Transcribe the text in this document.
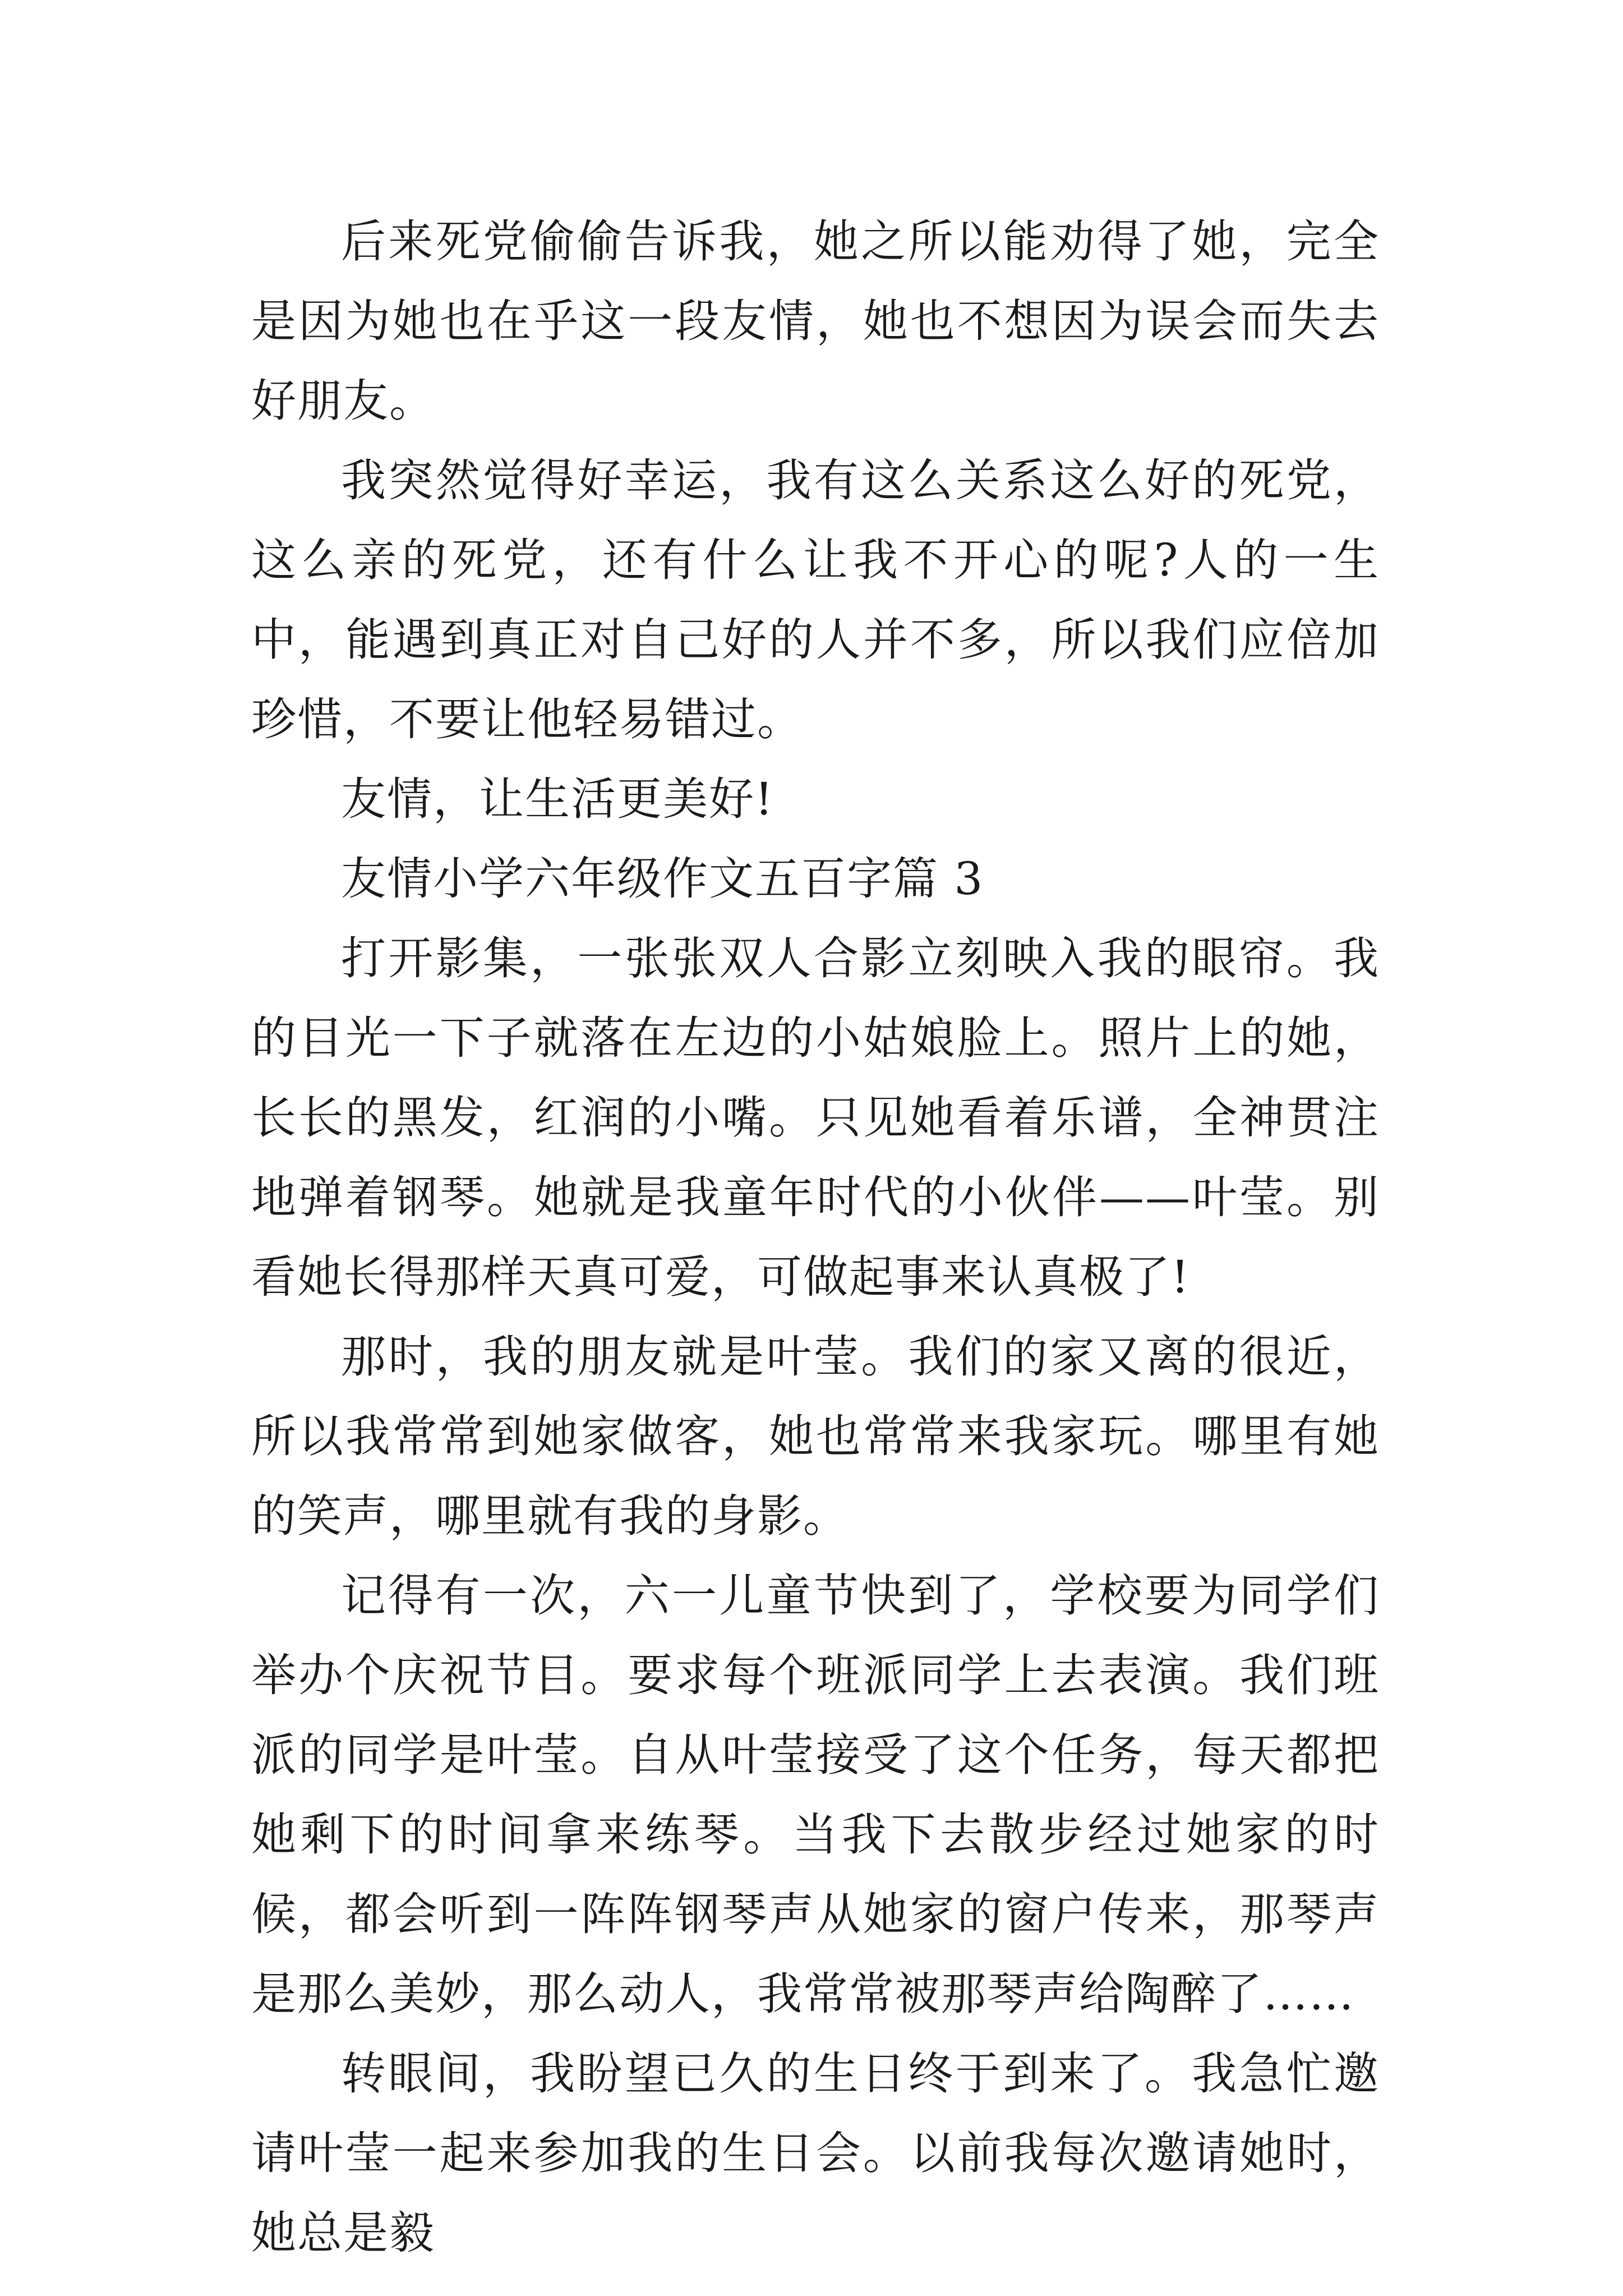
后来死党偷偷告诉我，她之所以能劝得了她，完全是因为她也在乎这一段友情，她也不想因为误会而失去好朋友。

我突然觉得好幸运，我有这么关系这么好的死党，这么亲的死党，还有什么让我不开心的呢?人的一生中，能遇到真正对自己好的人并不多，所以我们应倍加珍惜，不要让他轻易错过。

友情，让生活更美好!

友情小学六年级作文五百字篇 3

打开影集，一张张双人合影立刻映入我的眼帘。我的目光一下子就落在左边的小姑娘脸上。照片上的她，长长的黑发，红润的小嘴。只见她看着乐谱，全神贯注地弹着钢琴。她就是我童年时代的小伙伴——叶莹。别看她长得那样天真可爱，可做起事来认真极了!

那时，我的朋友就是叶莹。我们的家又离的很近，所以我常常到她家做客，她也常常来我家玩。哪里有她的笑声，哪里就有我的身影。

记得有一次，六一儿童节快到了，学校要为同学们举办个庆祝节目。要求每个班派同学上去表演。我们班派的同学是叶莹。自从叶莹接受了这个任务，每天都把她剩下的时间拿来练琴。当我下去散步经过她家的时候，都会听到一阵阵钢琴声从她家的窗户传来，那琴声是那么美妙，那么动人，我常常被那琴声给陶醉了……

转眼间，我盼望已久的生日终于到来了。我急忙邀请叶莹一起来参加我的生日会。以前我每次邀请她时，她总是毅
